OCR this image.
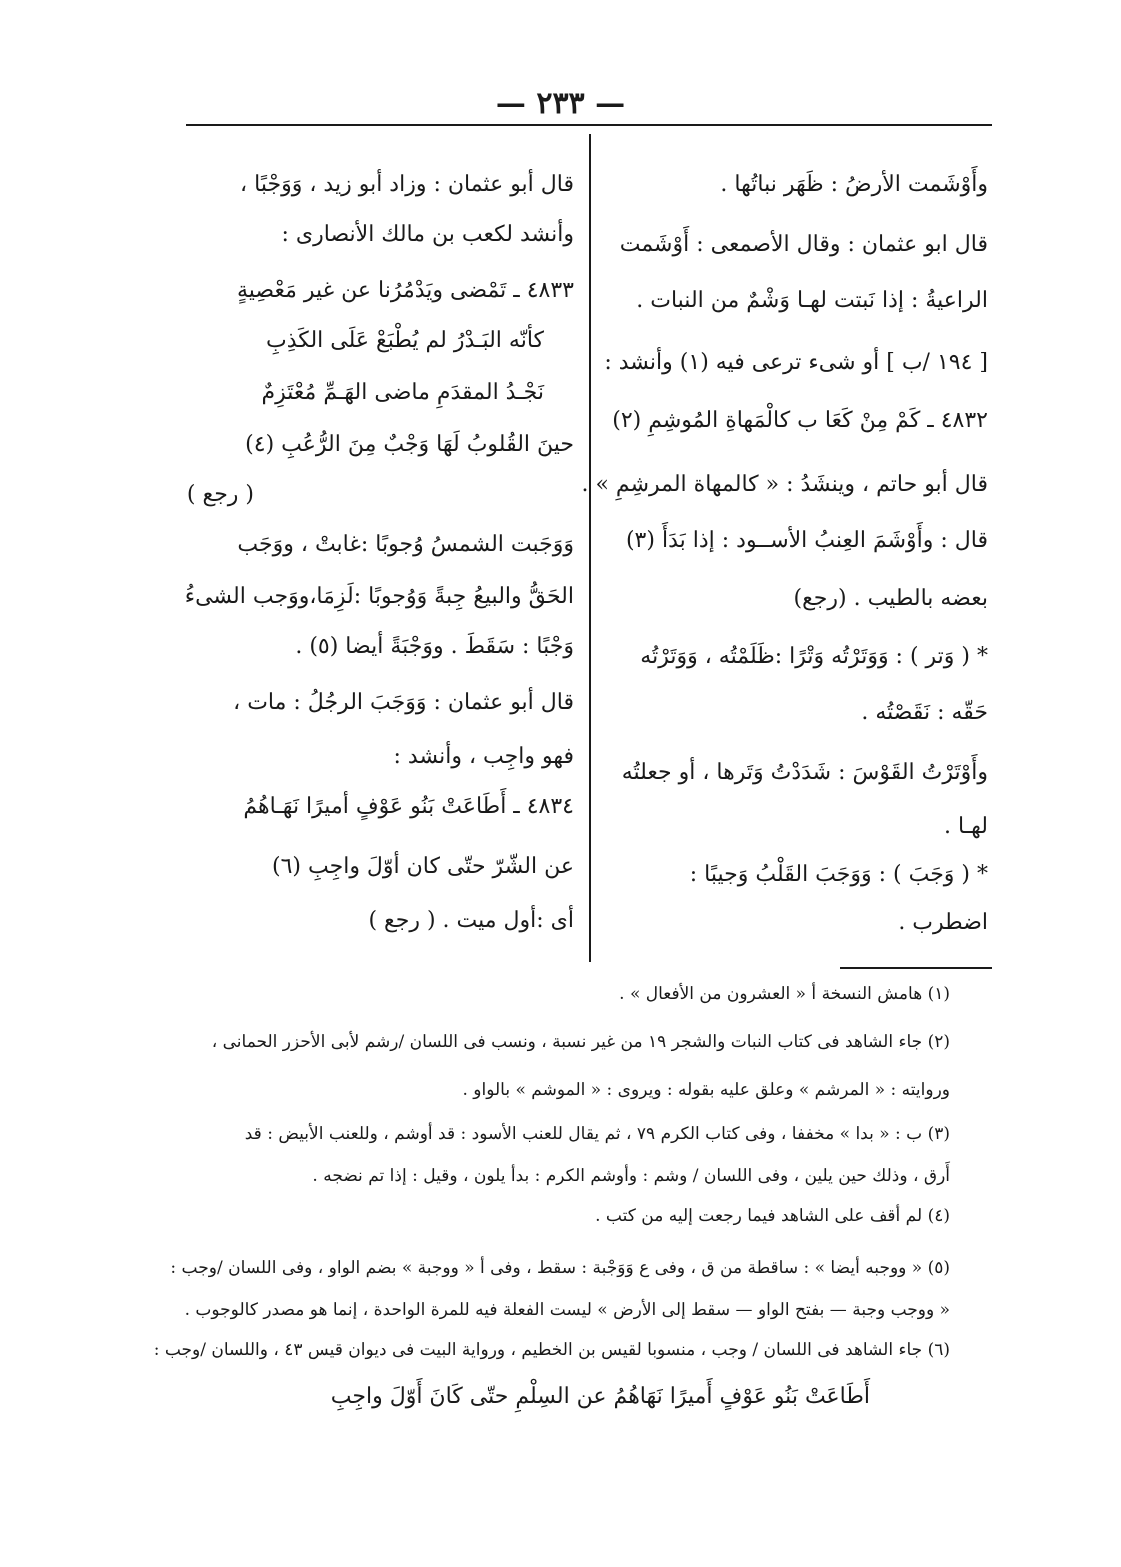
— ٢٣٣ —
وأَوْشَمت الأرضُ : ظَهَر نباتُها .
قال ابو عثمان : وقال الأصمعى : أَوْشَمت
الراعيةُ : إذا نَبتت لهـا وَشْمٌ من النبات .
[ ١٩٤ /ب ] أو شىء ترعى فيه (١) وأنشد :
٤٨٣٢ ـ كَمْ مِنْ كَعَا ب كالْمَهاةِ المُوشِمِ (٢)
قال أبو حاتم ، وينشَدُ : « كالمهاة المرشِمِ » .
قال : وأَوْشَمَ العِنبُ الأســود : إذا بَدَأَ (٣)
بعضه بالطيب . (رجع)
* ( وَتر ) : وَوَتَرْتُه وَتْرًا :ظَلَمْتُه ، وَوَتَرْتُه
حَقّه : نَقَصْتُه .
وأَوْتَرْتُ القَوْسَ : شَدَدْتُ وَتَرها ، أو جعلتُه
لهـا .
* ( وَجَبَ ) : وَوَجَبَ القَلْبُ وَجيبًا :
اضطرب .
قال أبو عثمان : وزاد أبو زيد ، وَوَجْبًا ،
وأنشد لكعب بن مالك الأنصارى :
٤٨٣٣ ـ تَمْضى ويَدْمُرُنا عن غير مَعْصِيةٍ
كأنّه البَـدْرُ لم يُطْبَعْ عَلَى الكَذِبِ
نَجْـدُ المقدَمِ ماضى الهَـمِّ مُعْتَزِمٌ
حينَ القُلوبُ لَهَا وَجْبٌ مِنَ الرُّعُبِ (٤)
( رجع )
وَوَجَبت الشمسُ وُجوبًا :غابتْ ، ووَجَب
الحَقُّ والبيعُ جِبةً وَوُجوبًا :لَزِمَا،ووَجب الشىءُ
وَجْبًا : سَقَطَ . ووَجْبَةً أيضا (٥) .
قال أبو عثمان : وَوَجَبَ الرجُلُ : مات ،
فهو واجِب ، وأنشد :
٤٨٣٤ ـ أَطَاعَتْ بَنُو عَوْفٍ أميرًا نَهَـاهُمُ
عن الشّرّ حتّى كان أوّلَ واجِبِ (٦)
أى :أول ميت . ( رجع )
(١) هامش النسخة أ « العشرون من الأفعال » .
(٢) جاء الشاهد فى كتاب النبات والشجر ١٩ من غير نسبة ، ونسب فى اللسان /رشم لأبى الأحزر الحمانى ،
وروايته : « المرشم » وعلق عليه بقوله : ويروى : « الموشم » بالواو .
(٣) ب : « بدا » مخففا ، وفى كتاب الكرم ٧٩ ، ثم يقال للعنب الأسود : قد أوشم ، وللعنب الأبيض : قد
أَرق ، وذلك حين يلين ، وفى اللسان / وشم : وأوشم الكرم : بدأ يلون ، وقيل : إذا تم نضجه .
(٤) لم أقف على الشاهد فيما رجعت إليه من كتب .
(٥) « ووجبه أيضا » : ساقطة من ق ، وفى ع وَوَجْبة : سقط ، وفى أ « ووجبة » بضم الواو ، وفى اللسان /وجب :
« ووجب وجبة — بفتح الواو — سقط إلى الأرض » ليست الفعلة فيه للمرة الواحدة ، إنما هو مصدر كالوجوب .
(٦) جاء الشاهد فى اللسان / وجب ، منسوبا لقيس بن الخطيم ، ورواية البيت فى ديوان قيس ٤٣ ، واللسان /وجب :
أَطَاعَتْ بَنُو عَوْفٍ أَميرًا نَهَاهُمُ عن السِلْمِ حتّى كَانَ أَوّلَ واجِبِ
